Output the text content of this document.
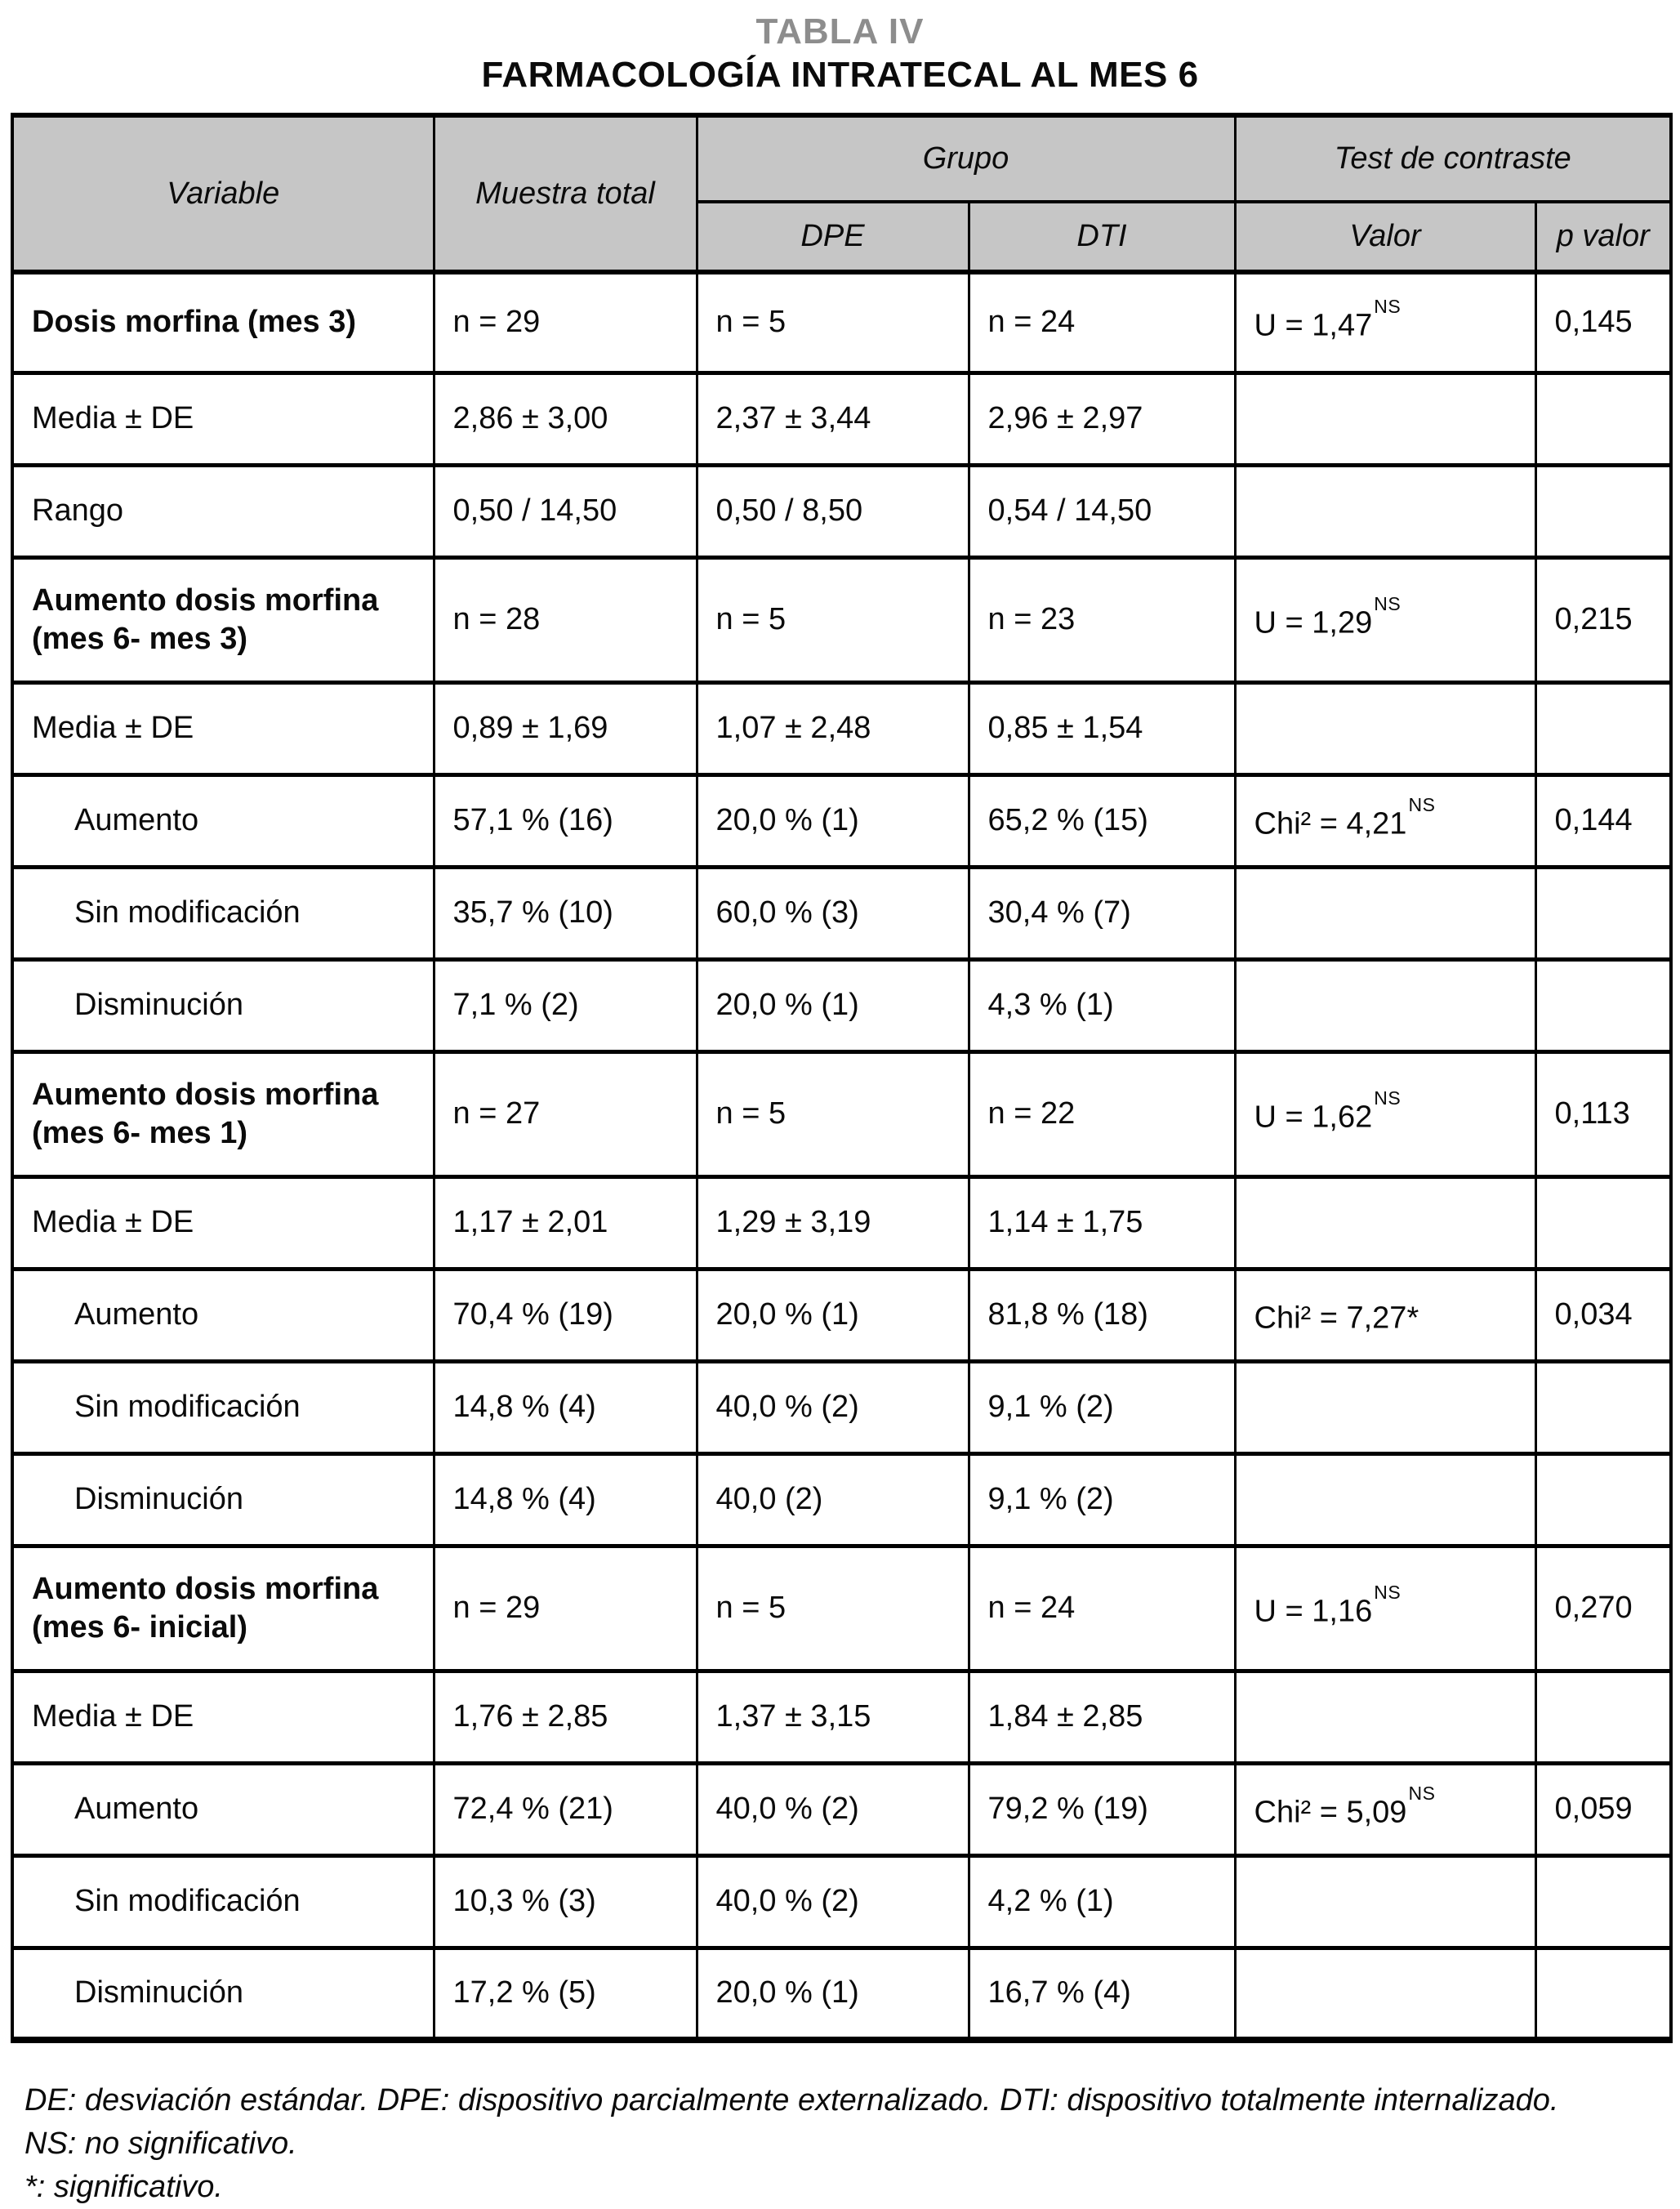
TABLA IV
FARMACOLOGÍA INTRATECAL AL MES 6
Variable	Muestra total	Grupo		Test de contraste	
		DPE	DTI	Valor	p valor
Dosis morfina (mes 3)	n = 29	n = 5	n = 24	$U = 1,47^{NS}$	0,145
Media ± DE	2,86 ± 3,00	2,37 ± 3,44	2,96 ± 2,97		
Rango	0,50 / 14,50	0,50 / 8,50	0,54 / 14,50		
Aumento dosis morfina
(mes 6- mes 3)	n = 28	n = 5	n = 23	$U = 1,29^{NS}$	0,215
Media ± DE	0,89 ± 1,69	1,07 ± 2,48	0,85 ± 1,54		
Aumento	57,1 % (16)	20,0 % (1)	65,2 % (15)	$Chi^2 = 4,21^{NS}$	0,144
Sin modificación	35,7 % (10)	60,0 % (3)	30,4 % (7)		
Disminución	7,1 % (2)	20,0 % (1)	4,3 % (1)		
Aumento dosis morfina
(mes 6- mes 1)	n = 27	n = 5	n = 22	$U = 1,62^{NS}$	0,113
Media ± DE	1,17 ± 2,01	1,29 ± 3,19	1,14 ± 1,75		
Aumento	70,4 % (19)	20,0 % (1)	81,8 % (18)	Chi² = 7,27*	0,034
Sin modificación	14,8 % (4)	40,0 % (2)	9,1 % (2)		
Disminución	14,8 % (4)	40,0 (2)	9,1 % (2)		
Aumento dosis morfina
(mes 6- inicial)	n = 29	n = 5	n = 24	$U = 1,16^{NS}$	0,270
Media ± DE	1,76 ± 2,85	1,37 ± 3,15	1,84 ± 2,85		
Aumento	72,4 % (21)	40,0 % (2)	79,2 % (19)	$Chi^2 = 5,09^{NS}$	0,059
Sin modificación	10,3 % (3)	40,0 % (2)	4,2 % (1)		
Disminución	17,2 % (5)	20,0 % (1)	16,7 % (4)		
DE: desviación estándar. DPE: dispositivo parcialmente externalizado. DTI: dispositivo totalmente internalizado.
NS: no significativo.
*: significativo.
